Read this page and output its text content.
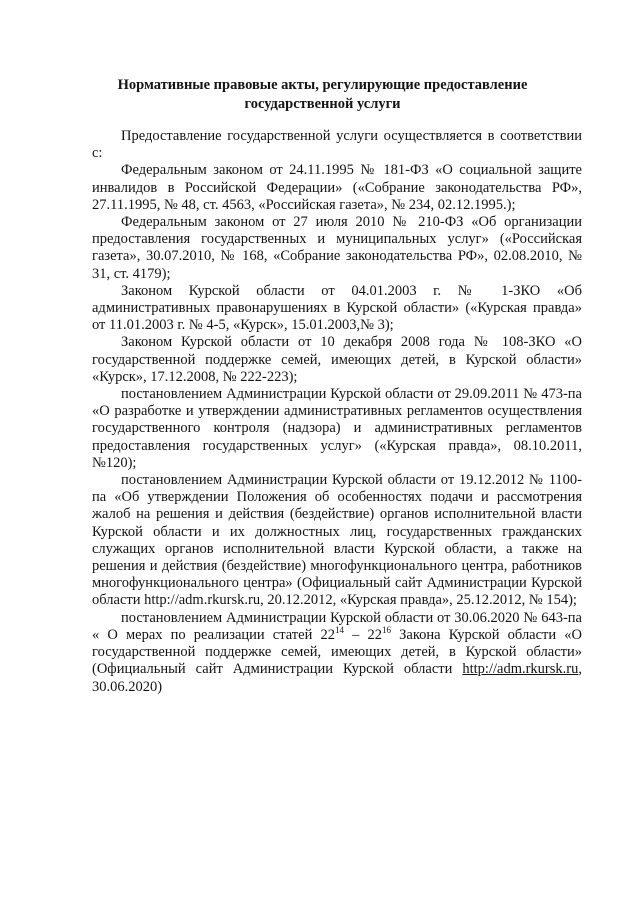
Нормативные правовые акты, регулирующие предоставление
государственной услуги

Предоставление государственной услуги осуществляется в соответствии с:

Федеральным законом от 24.11.1995 № 181-ФЗ «О социальной защите инвалидов в Российской Федерации» («Собрание законодательства РФ», 27.11.1995, № 48, ст. 4563, «Российская газета», № 234, 02.12.1995.);

Федеральным законом от 27 июля 2010 № 210-ФЗ «Об организации предоставления государственных и муниципальных услуг» («Российская газета», 30.07.2010, № 168, «Собрание законодательства РФ», 02.08.2010, № 31, ст. 4179);

Законом Курской области от 04.01.2003 г. № 1-ЗКО «Об административных правонарушениях в Курской области» («Курская правда» от 11.01.2003 г. № 4-5, «Курск», 15.01.2003,№ 3);

Законом Курской области от 10 декабря 2008 года № 108-ЗКО «О государственной поддержке семей, имеющих детей, в Курской области» «Курск», 17.12.2008, № 222-223);

постановлением Администрации Курской области от 29.09.2011 № 473-па «О разработке и утверждении административных регламентов осуществления государственного контроля (надзора) и административных регламентов предоставления государственных услуг» («Курская правда», 08.10.2011, №120);

постановлением Администрации Курской области от 19.12.2012 № 1100-па «Об утверждении Положения об особенностях подачи и рассмотрения жалоб на решения и действия (бездействие) органов исполнительной власти Курской области и их должностных лиц, государственных гражданских служащих органов исполнительной власти Курской области, а также на решения и действия (бездействие) многофункционального центра, работников многофункционального центра» (Официальный сайт Администрации Курской области http://adm.rkursk.ru, 20.12.2012, «Курская правда», 25.12.2012, № 154);

постановлением Администрации Курской области от 30.06.2020 № 643-па « О мерах по реализации статей $22^{14} - 22^{16}$ Закона Курской области «О государственной поддержке семей, имеющих детей, в Курской области» (Официальный сайт Администрации Курской области http://adm.rkursk.ru, 30.06.2020)
